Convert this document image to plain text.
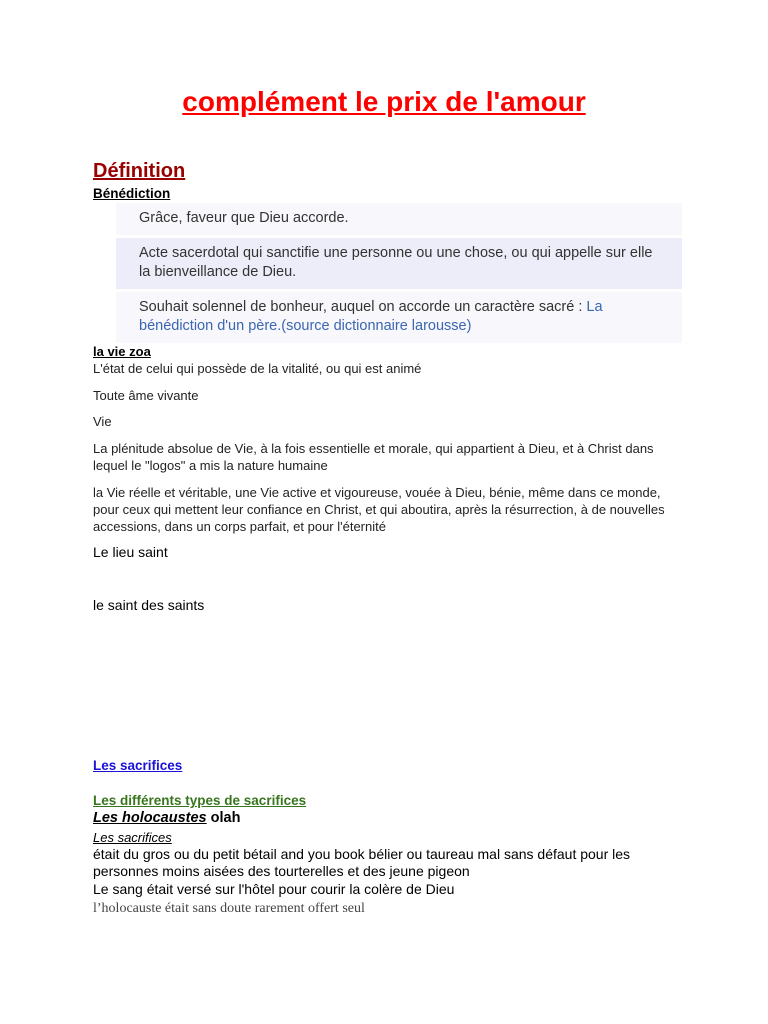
complément le prix de l'amour
Définition
Bénédiction
Grâce, faveur que Dieu accorde.
Acte sacerdotal qui sanctifie une personne ou une chose, ou qui appelle sur elle la bienveillance de Dieu.
Souhait solennel de bonheur, auquel on accorde un caractère sacré : La bénédiction d'un père.(source dictionnaire larousse)
la vie zoa

L'état de celui qui possède de la vitalité, ou qui est animé

Toute âme vivante

Vie

La plénitude absolue de Vie, à la fois essentielle et morale, qui appartient à Dieu, et à Christ dans lequel le "logos" a mis la nature humaine

la Vie réelle et véritable, une Vie active et vigoureuse, vouée à Dieu, bénie, même dans ce monde, pour ceux qui mettent leur confiance en Christ, et qui aboutira, après la résurrection, à de nouvelles accessions, dans un corps parfait, et pour l'éternité

Le lieu saint

le saint des saints

Les sacrifices
Les différents types de sacrifices
Les holocaustes olah
Les sacrifices

était du gros ou du petit bétail and you book bélier ou taureau mal sans défaut pour les personnes moins aisées des tourterelles et des jeune pigeon

Le sang était versé sur l'hôtel pour courir la colère de Dieu

l’holocauste était sans doute rarement offert seul
